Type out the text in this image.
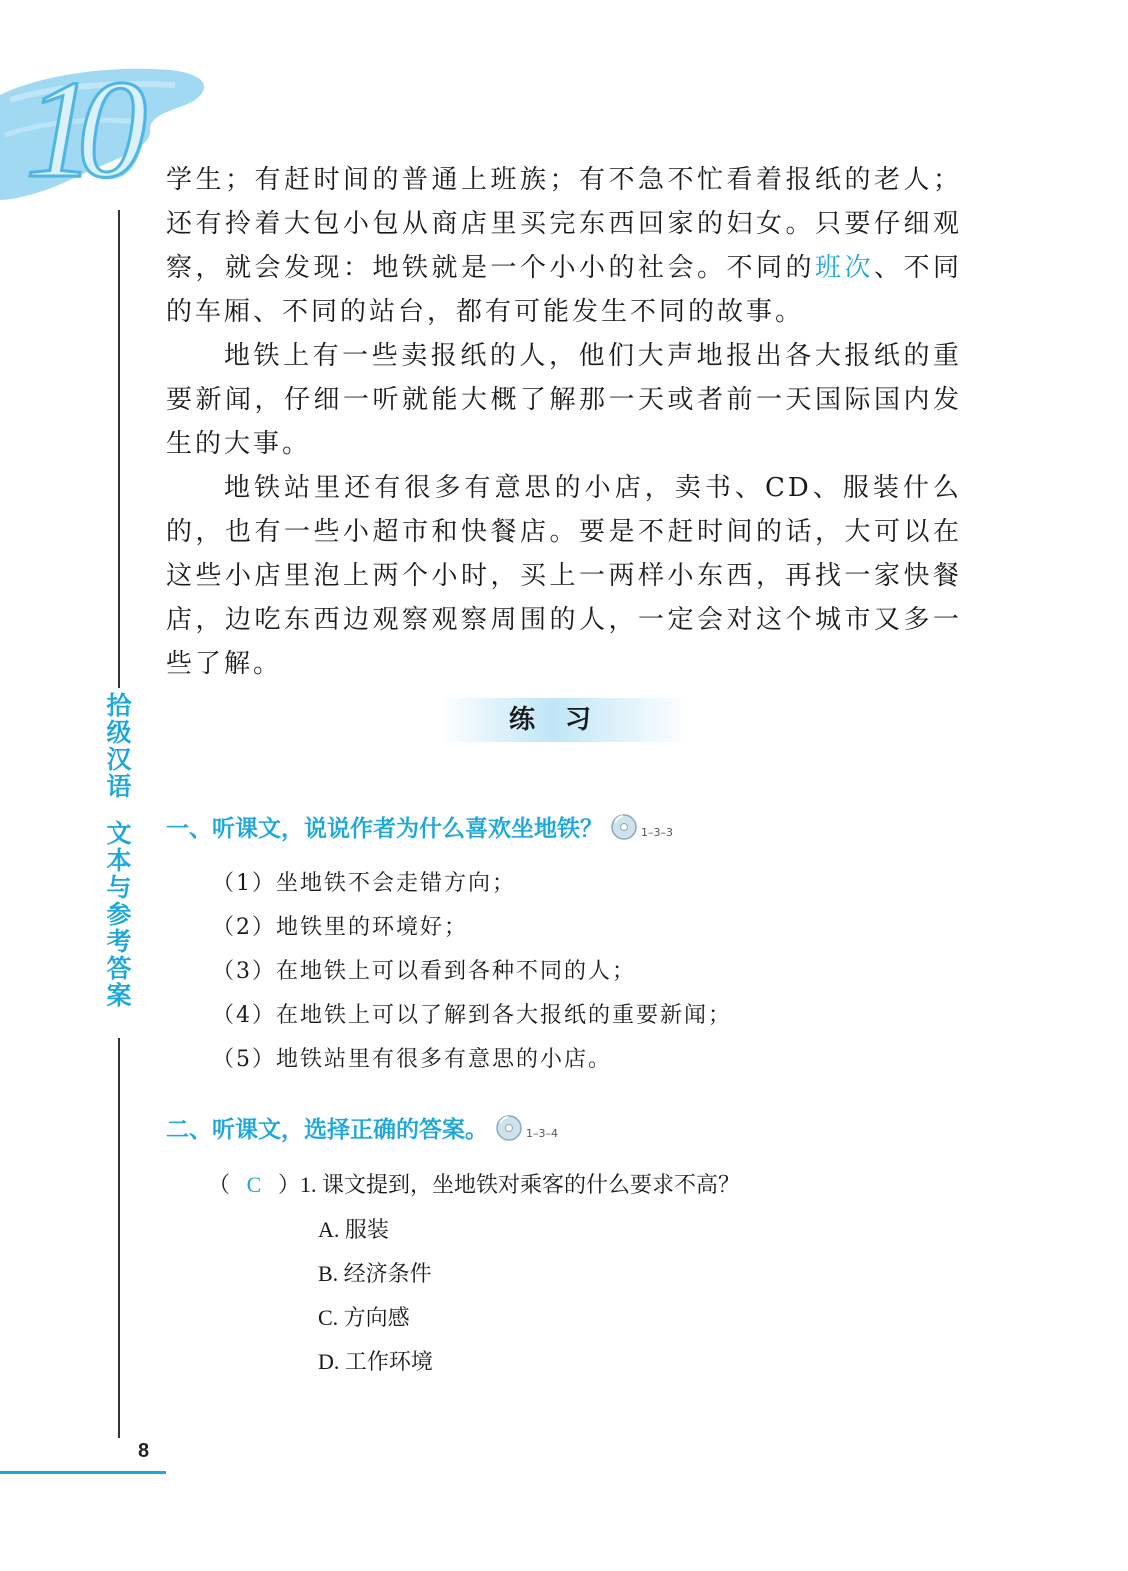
10
拾级汉语
文本与参考答案

学生；有赶时间的普通上班族；有不急不忙看着报纸的老人；还有拎着大包小包从商店里买完东西回家的妇女。只要仔细观察，就会发现：地铁就是一个小小的社会。不同的班次、不同的车厢、不同的站台，都有可能发生不同的故事。

地铁上有一些卖报纸的人，他们大声地报出各大报纸的重要新闻，仔细一听就能大概了解那一天或者前一天国际国内发生的大事。

地铁站里还有很多有意思的小店，卖书、CD、服装什么的，也有一些小超市和快餐店。要是不赶时间的话，大可以在这些小店里泡上两个小时，买上一两样小东西，再找一家快餐店，边吃东西边观察观察周围的人，一定会对这个城市又多一些了解。

练习
一、听课文，说说作者为什么喜欢坐地铁？	1–3–3
（1）坐地铁不会走错方向；
（2）地铁里的环境好；
（3）在地铁上可以看到各种不同的人；
（4）在地铁上可以了解到各大报纸的重要新闻；
（5）地铁站里有很多有意思的小店。
二、听课文，选择正确的答案。	1–3–4
（ C ）1. 课文提到，坐地铁对乘客的什么要求不高？
A. 服装
B. 经济条件
C. 方向感
D. 工作环境
8
